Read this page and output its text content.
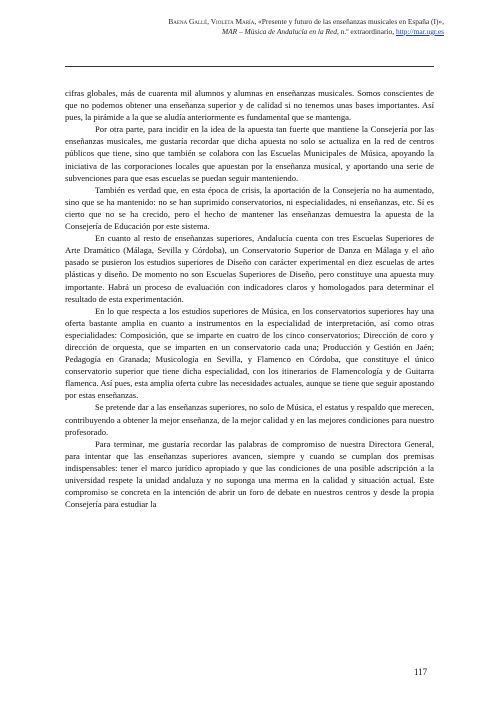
Baena Gallé, Violeta María, «Presente y futuro de las enseñanzas musicales en España (I)»,
MAR – Música de Andalucía en la Red, n.º extraordinario, http://mar.ugr.es

cifras globales, más de cuarenta mil alumnos y alumnas en enseñanzas musicales. Somos conscientes de que no podemos obtener una enseñanza superior y de calidad si no tenemos unas bases importantes. Así pues, la pirámide a la que se aludía anteriormente es fundamental que se mantenga.

Por otra parte, para incidir en la idea de la apuesta tan fuerte que mantiene la Consejería por las enseñanzas musicales, me gustaría recordar que dicha apuesta no solo se actualiza en la red de centros públicos que tiene, sino que también se colabora con las Escuelas Municipales de Música, apoyando la iniciativa de las corporaciones locales que apuestan por la enseñanza musical, y aportando una serie de subvenciones para que esas escuelas se puedan seguir manteniendo.

También es verdad que, en esta época de crisis, la aportación de la Consejería no ha aumentado, sino que se ha mantenido: no se han suprimido conservatorios, ni especialidades, ni enseñanzas, etc. Sí es cierto que no se ha crecido, pero el hecho de mantener las enseñanzas demuestra la apuesta de la Consejería de Educación por este sistema.

En cuanto al resto de enseñanzas superiores, Andalucía cuenta con tres Escuelas Superiores de Arte Dramático (Málaga, Sevilla y Córdoba), un Conservatorio Superior de Danza en Málaga y el año pasado se pusieron los estudios superiores de Diseño con carácter experimental en diez escuelas de artes plásticas y diseño. De momento no son Escuelas Superiores de Diseño, pero constituye una apuesta muy importante. Habrá un proceso de evaluación con indicadores claros y homologados para determinar el resultado de esta experimentación.

En lo que respecta a los estudios superiores de Música, en los conservatorios superiores hay una oferta bastante amplia en cuanto a instrumentos en la especialidad de interpretación, así como otras especialidades: Composición, que se imparte en cuatro de los cinco conservatorios; Dirección de coro y dirección de orquesta, que se imparten en un conservatorio cada una; Producción y Gestión en Jaén; Pedagogía en Granada; Musicología en Sevilla, y Flamenco en Córdoba, que constituye el único conservatorio superior que tiene dicha especialidad, con los itinerarios de Flamencología y de Guitarra flamenca. Así pues, esta amplia oferta cubre las necesidades actuales, aunque se tiene que seguir apostando por estas enseñanzas.

Se pretende dar a las enseñanzas superiores, no solo de Música, el estatus y respaldo que merecen, contribuyendo a obtener la mejor enseñanza, de la mejor calidad y en las mejores condiciones para nuestro profesorado.

Para terminar, me gustaría recordar las palabras de compromiso de nuestra Directora General, para intentar que las enseñanzas superiores avancen, siempre y cuando se cumplan dos premisas indispensables: tener el marco jurídico apropiado y que las condiciones de una posible adscripción a la universidad respete la unidad andaluza y no suponga una merma en la calidad y situación actual. Este compromiso se concreta en la intención de abrir un foro de debate en nuestros centros y desde la propia Consejería para estudiar la

117
